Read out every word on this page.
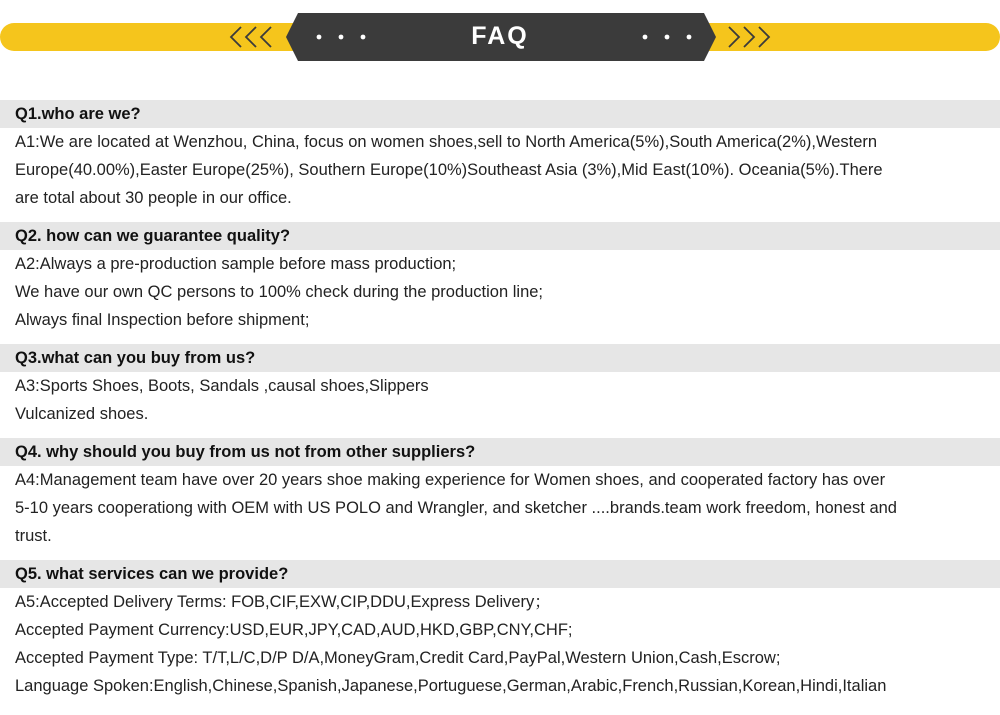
FAQ
Q1.who are we?
A1:We are located at Wenzhou, China, focus on women shoes,sell to North America(5%),South America(2%),Western
Europe(40.00%),Easter Europe(25%), Southern Europe(10%)Southeast Asia (3%),Mid East(10%). Oceania(5%).There
are total about 30 people in our office.
Q2. how can we guarantee quality?
A2:Always a pre-production sample before mass production;
We have our own QC persons to 100% check during the production line;
Always final Inspection before shipment;
Q3.what can you buy from us?
A3:Sports Shoes, Boots, Sandals ,causal shoes,Slippers
Vulcanized shoes.
Q4. why should you buy from us not from other suppliers?
A4:Management team have over 20 years shoe making experience for Women shoes, and cooperated factory has over
5-10 years cooperationg with OEM with US POLO and Wrangler, and sketcher ....brands.team work freedom, honest and
trust.
Q5. what services can we provide?
A5:Accepted Delivery Terms: FOB,CIF,EXW,CIP,DDU,Express Delivery；
Accepted Payment Currency:USD,EUR,JPY,CAD,AUD,HKD,GBP,CNY,CHF;
Accepted Payment Type: T/T,L/C,D/P D/A,MoneyGram,Credit Card,PayPal,Western Union,Cash,Escrow;
Language Spoken:English,Chinese,Spanish,Japanese,Portuguese,German,Arabic,French,Russian,Korean,Hindi,Italian
